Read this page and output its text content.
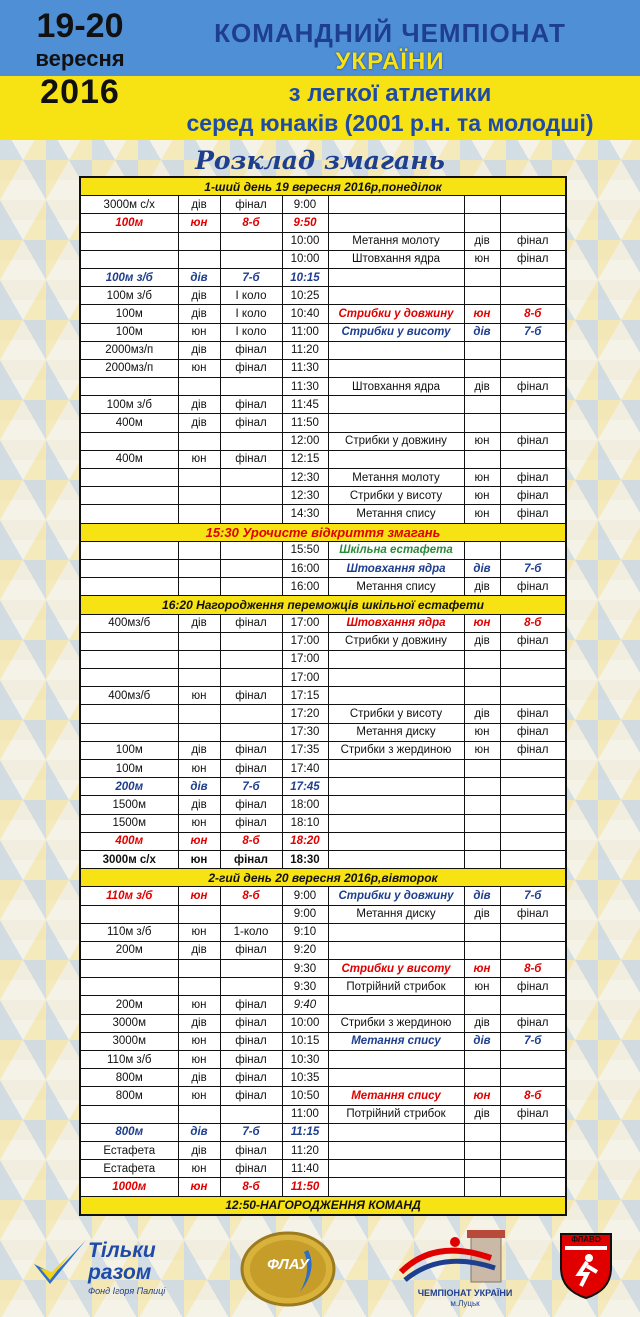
19-20
вересня
2016
КОМАНДНИЙ ЧЕМПІОНАТ
УКРАЇНИ
з легкої атлетики
серед юнаків (2001 р.н. та молодші)
Розклад змагань
1-ший день 19 вересня 2016р,понеділок						
3000м с/х	дів	фінал	9:00			
100м	юн	8-б	9:50			
			10:00	Метання молоту	дів	фінал
			10:00	Штовхання ядра	юн	фінал
100м з/б	дів	7-б	10:15			
100м з/б	дів	І коло	10:25			
100м	дів	І коло	10:40	Стрибки у довжину	юн	8-б
100м	юн	І коло	11:00	Стрибки у висоту	дів	7-б
2000мз/п	дів	фінал	11:20			
2000мз/п	юн	фінал	11:30			
			11:30	Штовхання ядра	дів	фінал
100м з/б	дів	фінал	11:45			
400м	дів	фінал	11:50			
			12:00	Стрибки у довжину	юн	фінал
400м	юн	фінал	12:15			
			12:30	Метання молоту	юн	фінал
			12:30	Стрибки у висоту	юн	фінал
			14:30	Метання спису	юн	фінал
15:30 Урочисте відкриття змагань						
			15:50	Шкільна естафета		
			16:00	Штовхання ядра	дів	7-б
			16:00	Метання спису	дів	фінал
16:20 Нагородження переможців шкільної естафети						
400мз/б	дів	фінал	17:00	Штовхання ядра	юн	8-б
			17:00	Стрибки у довжину	дів	фінал
			17:00			
			17:00			
400мз/б	юн	фінал	17:15			
			17:20	Стрибки у висоту	дів	фінал
			17:30	Метання диску	юн	фінал
100м	дів	фінал	17:35	Стрибки з жердиною	юн	фінал
100м	юн	фінал	17:40			
200м	дів	7-б	17:45			
1500м	дів	фінал	18:00			
1500м	юн	фінал	18:10			
400м	юн	8-б	18:20			
3000м с/х	юн	фінал	18:30			
2-гий день 20 вересня 2016р,вівторок						
110м з/б	юн	8-б	9:00	Стрибки у довжину	дів	7-б
			9:00	Метання диску	дів	фінал
110м з/б	юн	1-коло	9:10			
200м	дів	фінал	9:20			
			9:30	Стрибки у висоту	юн	8-б
			9:30	Потрійний стрибок	юн	фінал
200м	юн	фінал	9:40			
3000м	дів	фінал	10:00	Стрибки з жердиною	дів	фінал
3000м	юн	фінал	10:15	Метання спису	дів	7-б
110м з/б	юн	фінал	10:30			
800м	дів	фінал	10:35			
800м	юн	фінал	10:50	Метання спису	юн	8-б
			11:00	Потрійний стрибок	дів	фінал
800м	дів	7-б	11:15			
Естафета	дів	фінал	11:20			
Естафета	юн	фінал	11:40			
1000м	юн	8-б	11:50			
12:50-НАГОРОДЖЕННЯ КОМАНД						
Тільки
разом
Фонд Ігоря Палиці
ФЛАУ
ЧЕМПІОНАТ УКРАЇНИ
м.Луцьк
ФЛАВО
